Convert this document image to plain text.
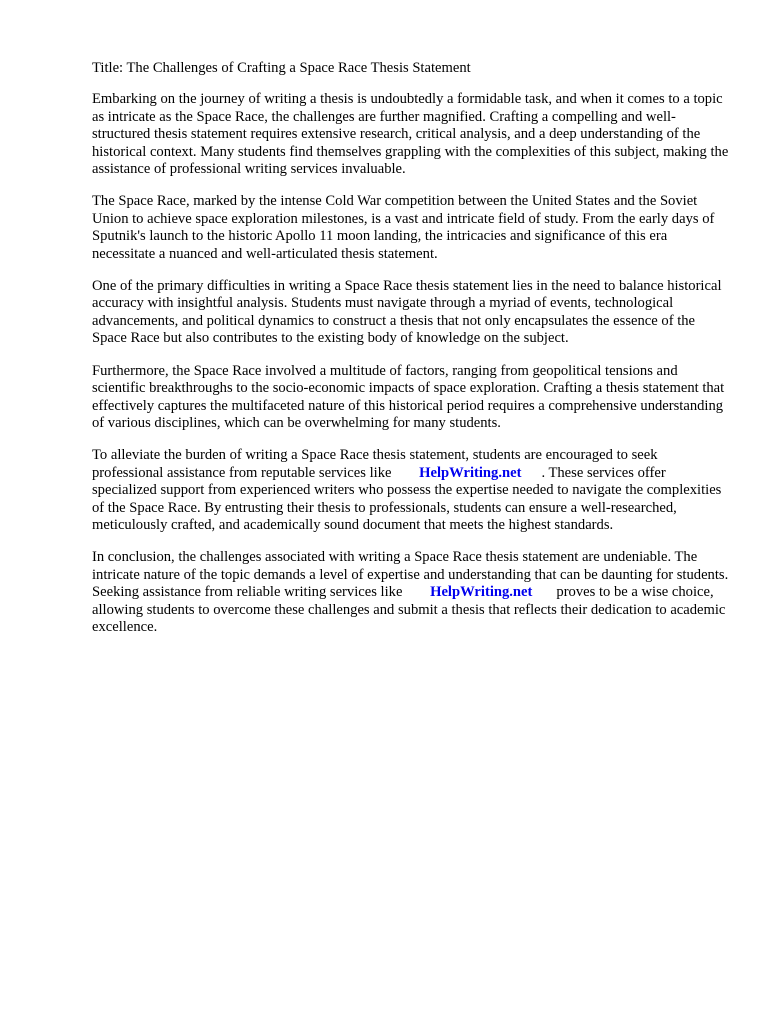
Title: The Challenges of Crafting a Space Race Thesis Statement

Embarking on the journey of writing a thesis is undoubtedly a formidable task, and when it comes to a topic as intricate as the Space Race, the challenges are further magnified. Crafting a compelling and well-structured thesis statement requires extensive research, critical analysis, and a deep understanding of the historical context. Many students find themselves grappling with the complexities of this subject, making the assistance of professional writing services invaluable.

The Space Race, marked by the intense Cold War competition between the United States and the Soviet Union to achieve space exploration milestones, is a vast and intricate field of study. From the early days of Sputnik's launch to the historic Apollo 11 moon landing, the intricacies and significance of this era necessitate a nuanced and well-articulated thesis statement.

One of the primary difficulties in writing a Space Race thesis statement lies in the need to balance historical accuracy with insightful analysis. Students must navigate through a myriad of events, technological advancements, and political dynamics to construct a thesis that not only encapsulates the essence of the Space Race but also contributes to the existing body of knowledge on the subject.

Furthermore, the Space Race involved a multitude of factors, ranging from geopolitical tensions and scientific breakthroughs to the socio-economic impacts of space exploration. Crafting a thesis statement that effectively captures the multifaceted nature of this historical period requires a comprehensive understanding of various disciplines, which can be overwhelming for many students.

To alleviate the burden of writing a Space Race thesis statement, students are encouraged to seek professional assistance from reputable services like HelpWriting.net . These services offer specialized support from experienced writers who possess the expertise needed to navigate the complexities of the Space Race. By entrusting their thesis to professionals, students can ensure a well-researched, meticulously crafted, and academically sound document that meets the highest standards.

In conclusion, the challenges associated with writing a Space Race thesis statement are undeniable. The intricate nature of the topic demands a level of expertise and understanding that can be daunting for students. Seeking assistance from reliable writing services like HelpWriting.net proves to be a wise choice, allowing students to overcome these challenges and submit a thesis that reflects their dedication to academic excellence.
